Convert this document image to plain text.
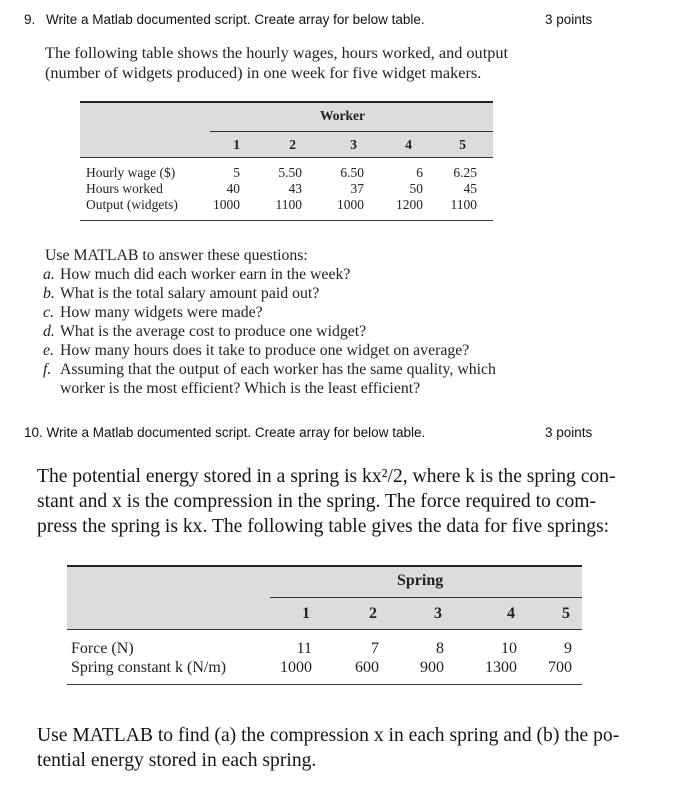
9. Write a Matlab documented script. Create array for below table.	3 points
The following table shows the hourly wages, hours worked, and output
(number of widgets produced) in one week for five widget makers.
Worker
1	2	3	4	5
Hourly wage ($)	5	5.50	6.50	6	6.25
Hours worked	40	43	37	50	45
Output (widgets)	1000	1100	1000	1200	1100
Use MATLAB to answer these questions:
a. How much did each worker earn in the week?
b. What is the total salary amount paid out?
c. How many widgets were made?
d. What is the average cost to produce one widget?
e. How many hours does it take to produce one widget on average?
f. Assuming that the output of each worker has the same quality, which
worker is the most efficient? Which is the least efficient?
10. Write a Matlab documented script. Create array for below table.	3 points
The potential energy stored in a spring is kx²/2, where k is the spring con-
stant and x is the compression in the spring. The force required to com-
press the spring is kx. The following table gives the data for five springs:
Spring
1	2	3	4	5
Force (N)	11	7	8	10	9
Spring constant k (N/m)	1000	600	900	1300	700
Use MATLAB to find (a) the compression x in each spring and (b) the po-
tential energy stored in each spring.
